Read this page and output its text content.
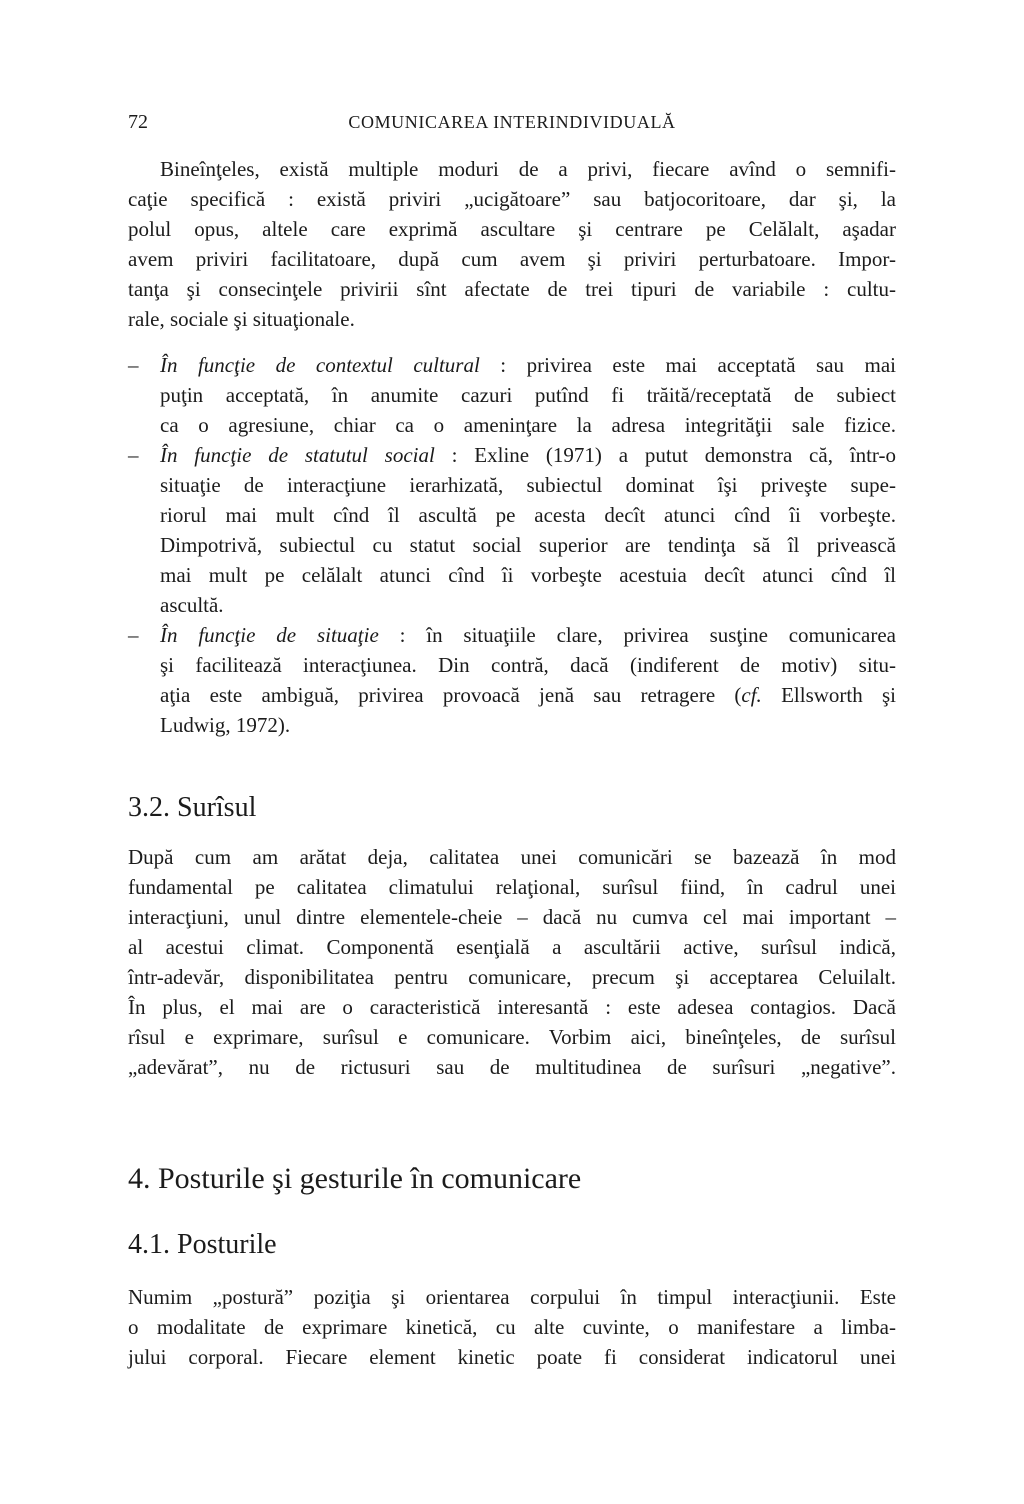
72	COMUNICAREA INTERINDIVIDUALĂ
Bineînţeles, există multiple moduri de a privi, fiecare avînd o semnifi-
caţie specifică : există priviri „ucigătoare” sau batjocoritoare, dar şi, la
polul opus, altele care exprimă ascultare şi centrare pe Celălalt, aşadar
avem priviri facilitatoare, după cum avem şi priviri perturbatoare. Impor-
tanţa şi consecinţele privirii sînt afectate de trei tipuri de variabile : cultu-
rale, sociale şi situaţionale.
–	În funcţie de contextul cultural : privirea este mai acceptată sau mai
puţin acceptată, în anumite cazuri putînd fi trăită/receptată de subiect
ca o agresiune, chiar ca o ameninţare la adresa integrităţii sale fizice.
–	În funcţie de statutul social : Exline (1971) a putut demonstra că, într-o
situaţie de interacţiune ierarhizată, subiectul dominat îşi priveşte supe-
riorul mai mult cînd îl ascultă pe acesta decît atunci cînd îi vorbeşte.
Dimpotrivă, subiectul cu statut social superior are tendinţa să îl privească
mai mult pe celălalt atunci cînd îi vorbeşte acestuia decît atunci cînd îl
ascultă.
–	În funcţie de situaţie : în situaţiile clare, privirea susţine comunicarea
şi facilitează interacţiunea. Din contră, dacă (indiferent de motiv) situ-
aţia este ambiguă, privirea provoacă jenă sau retragere (cf. Ellsworth şi
Ludwig, 1972).
3.2. Surîsul
După cum am arătat deja, calitatea unei comunicări se bazează în mod
fundamental pe calitatea climatului relaţional, surîsul fiind, în cadrul unei
interacţiuni, unul dintre elementele-cheie – dacă nu cumva cel mai important –
al acestui climat. Componentă esenţială a ascultării active, surîsul indică,
într-adevăr, disponibilitatea pentru comunicare, precum şi acceptarea Celuilalt.
În plus, el mai are o caracteristică interesantă : este adesea contagios. Dacă
rîsul e exprimare, surîsul e comunicare. Vorbim aici, bineînţeles, de surîsul
„adevărat”, nu de rictusuri sau de multitudinea de surîsuri „negative”.
4. Posturile şi gesturile în comunicare
4.1. Posturile
Numim „postură” poziţia şi orientarea corpului în timpul interacţiunii. Este
o modalitate de exprimare kinetică, cu alte cuvinte, o manifestare a limba-
jului corporal. Fiecare element kinetic poate fi considerat indicatorul unei
